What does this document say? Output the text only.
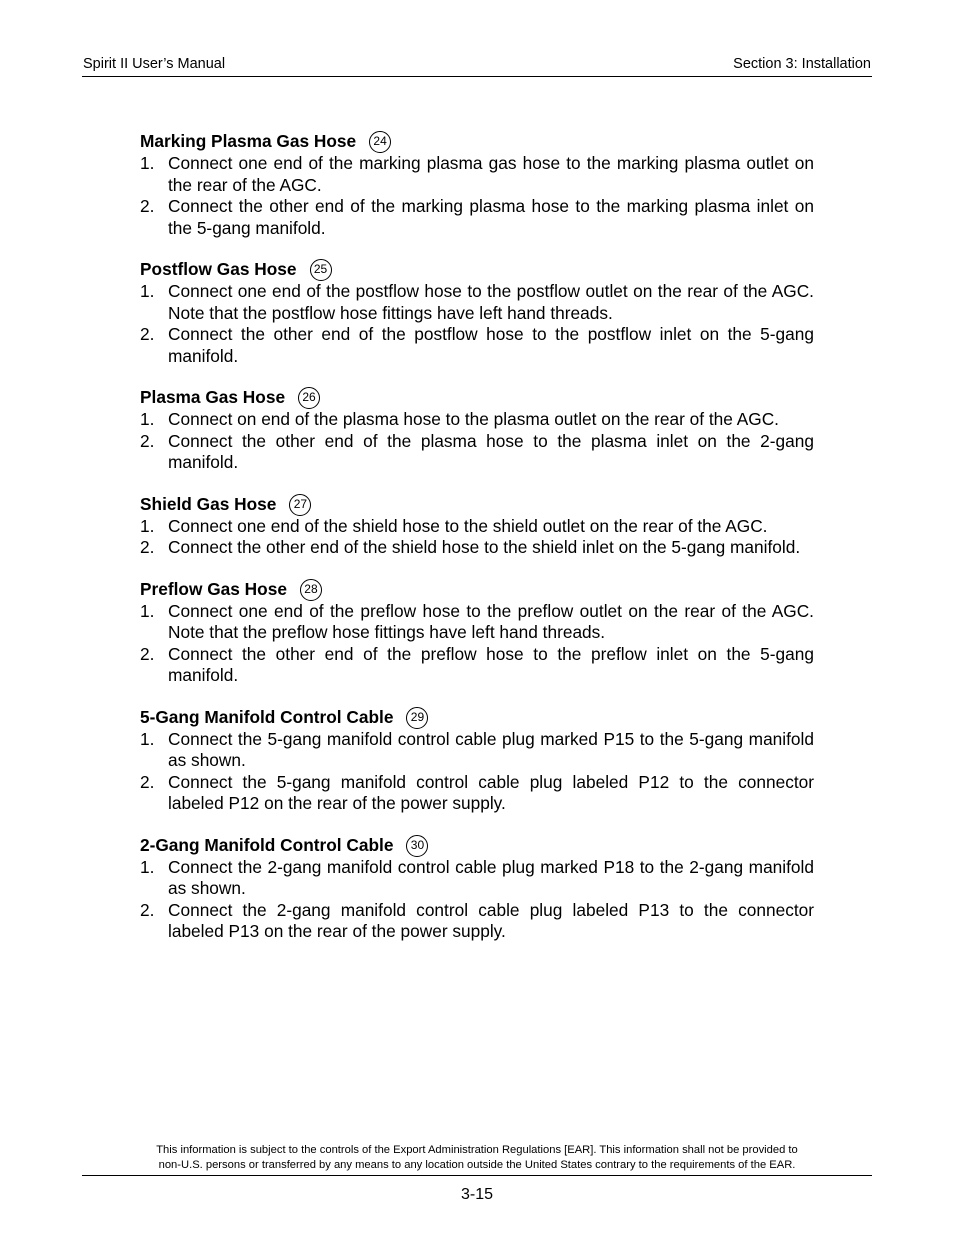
Spirit II User’s Manual	Section 3: Installation
Marking Plasma Gas Hose	24
1. Connect one end of the marking plasma gas hose to the marking plasma outlet on the rear of the AGC.
2. Connect the other end of the marking plasma hose to the marking plasma inlet on the 5-gang manifold.
Postflow Gas Hose	25
1. Connect one end of the postflow hose to the postflow outlet on the rear of the AGC. Note that the postflow hose fittings have left hand threads.
2. Connect the other end of the postflow hose to the postflow inlet on the 5-gang manifold.
Plasma Gas Hose	26
1. Connect on end of the plasma hose to the plasma outlet on the rear of the AGC.
2. Connect the other end of the plasma hose to the plasma inlet on the 2-gang manifold.
Shield Gas Hose	27
1. Connect one end of the shield hose to the shield outlet on the rear of the AGC.
2. Connect the other end of the shield hose to the shield inlet on the 5-gang manifold.
Preflow Gas Hose	28
1. Connect one end of the preflow hose to the preflow outlet on the rear of the AGC. Note that the preflow hose fittings have left hand threads.
2. Connect the other end of the preflow hose to the preflow inlet on the 5-gang manifold.
5-Gang Manifold Control Cable	29
1. Connect the 5-gang manifold control cable plug marked P15 to the 5-gang manifold as shown.
2. Connect the 5-gang manifold control cable plug labeled P12 to the connector labeled P12 on the rear of the power supply.
2-Gang Manifold Control Cable	30
1. Connect the 2-gang manifold control cable plug marked P18 to the 2-gang manifold as shown.
2. Connect the 2-gang manifold control cable plug labeled P13 to the connector labeled P13 on the rear of the power supply.
This information is subject to the controls of the Export Administration Regulations [EAR]. This information shall not be provided to
non-U.S. persons or transferred by any means to any location outside the United States contrary to the requirements of the EAR.
3-15
